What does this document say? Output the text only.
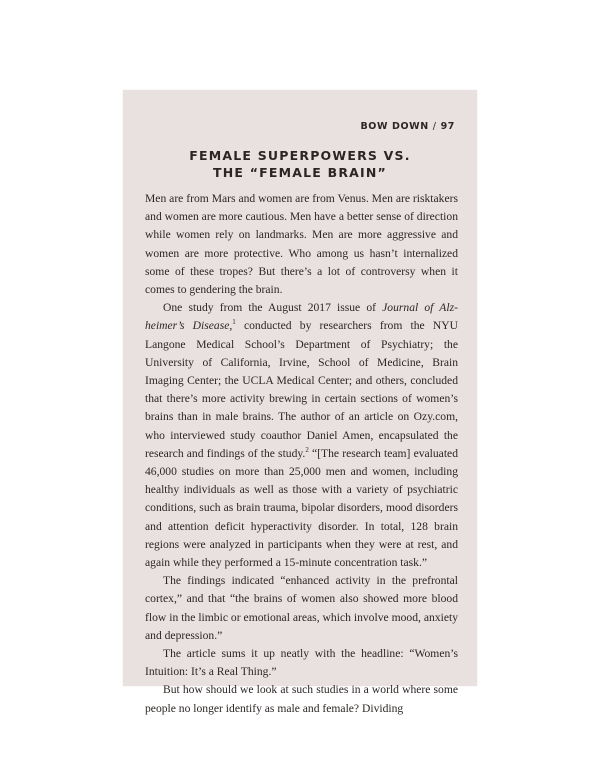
BOW DOWN / 97
FEMALE SUPERPOWERS VS.
THE “FEMALE BRAIN”

Men are from Mars and women are from Venus. Men are risktakers and women are more cautious. Men have a better sense of direction while women rely on landmarks. Men are more aggressive and women are more protective. Who among us hasn’t internalized some of these tropes? But there’s a lot of controversy when it comes to gendering the brain.

One study from the August 2017 issue of Journal of Alzheimer’s Disease,$^1$ conducted by researchers from the NYU Langone Medical School’s Department of Psychiatry; the University of California, Irvine, School of Medicine, Brain Imaging Center; the UCLA Medical Center; and others, concluded that there’s more activity brewing in certain sections of women’s brains than in male brains. The author of an article on Ozy.com, who interviewed study coauthor Daniel Amen, encapsulated the research and findings of the study.$^2$ “[The research team] evaluated 46,000 studies on more than 25,000 men and women, including healthy individuals as well as those with a variety of psychiatric conditions, such as brain trauma, bipolar disorders, mood disorders and attention deficit hyperactivity disorder. In total, 128 brain regions were analyzed in participants when they were at rest, and again while they performed a 15-minute concentration task.”

The findings indicated “enhanced activity in the prefrontal cortex,” and that “the brains of women also showed more blood flow in the limbic or emotional areas, which involve mood, anxiety and depression.”

The article sums it up neatly with the headline: “Women’s Intuition: It’s a Real Thing.”

But how should we look at such studies in a world where some people no longer identify as male and female? Dividing
